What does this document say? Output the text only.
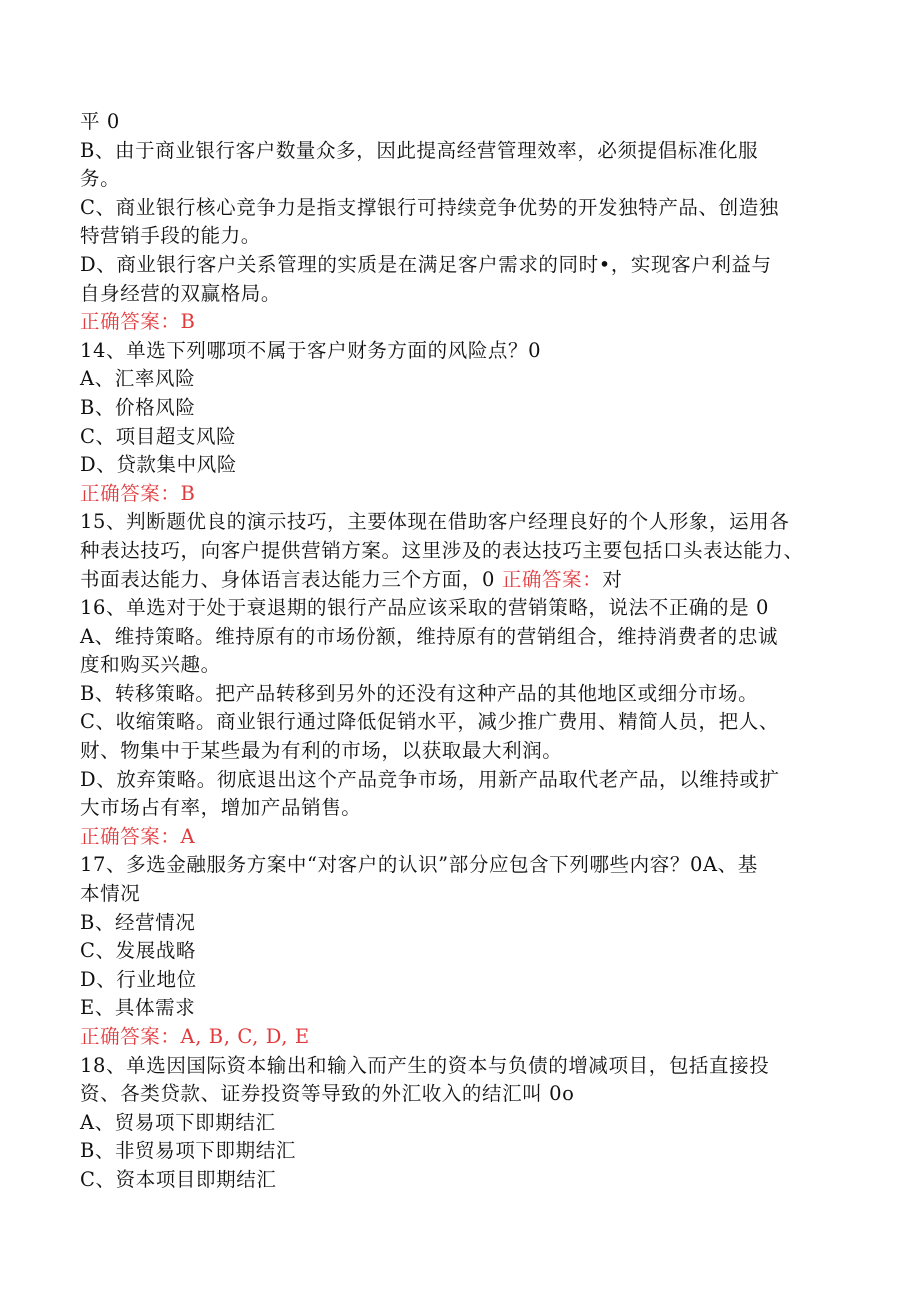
平 0
B、由于商业银行客户数量众多，因此提高经营管理效率，必须提倡标准化服
务。
C、商业银行核心竞争力是指支撑银行可持续竞争优势的开发独特产品、创造独
特营销手段的能力。
D、商业银行客户关系管理的实质是在满足客户需求的同时•，实现客户利益与
自身经营的双赢格局。
正确答案：B
14、单选下列哪项不属于客户财务方面的风险点？0
A、汇率风险
B、价格风险
C、项目超支风险
D、贷款集中风险
正确答案：B
15、判断题优良的演示技巧，主要体现在借助客户经理良好的个人形象，运用各
种表达技巧，向客户提供营销方案。这里涉及的表达技巧主要包括口头表达能力、
书面表达能力、身体语言表达能力三个方面，0 正确答案：对
16、单选对于处于衰退期的银行产品应该采取的营销策略，说法不正确的是 0
A、维持策略。维持原有的市场份额，维持原有的营销组合，维持消费者的忠诚
度和购买兴趣。
B、转移策略。把产品转移到另外的还没有这种产品的其他地区或细分市场。
C、收缩策略。商业银行通过降低促销水平，减少推广费用、精简人员，把人、
财、物集中于某些最为有利的市场，以获取最大利润。
D、放弃策略。彻底退出这个产品竞争市场，用新产品取代老产品，以维持或扩
大市场占有率，增加产品销售。
正确答案：A
17、多选金融服务方案中“对客户的认识”部分应包含下列哪些内容？0A、基
本情况
B、经营情况
C、发展战略
D、行业地位
E、具体需求
正确答案：A, B, C, D, E
18、单选因国际资本输出和输入而产生的资本与负债的增减项目，包括直接投
资、各类贷款、证券投资等导致的外汇收入的结汇叫 0o
A、贸易项下即期结汇
B、非贸易项下即期结汇
C、资本项目即期结汇
